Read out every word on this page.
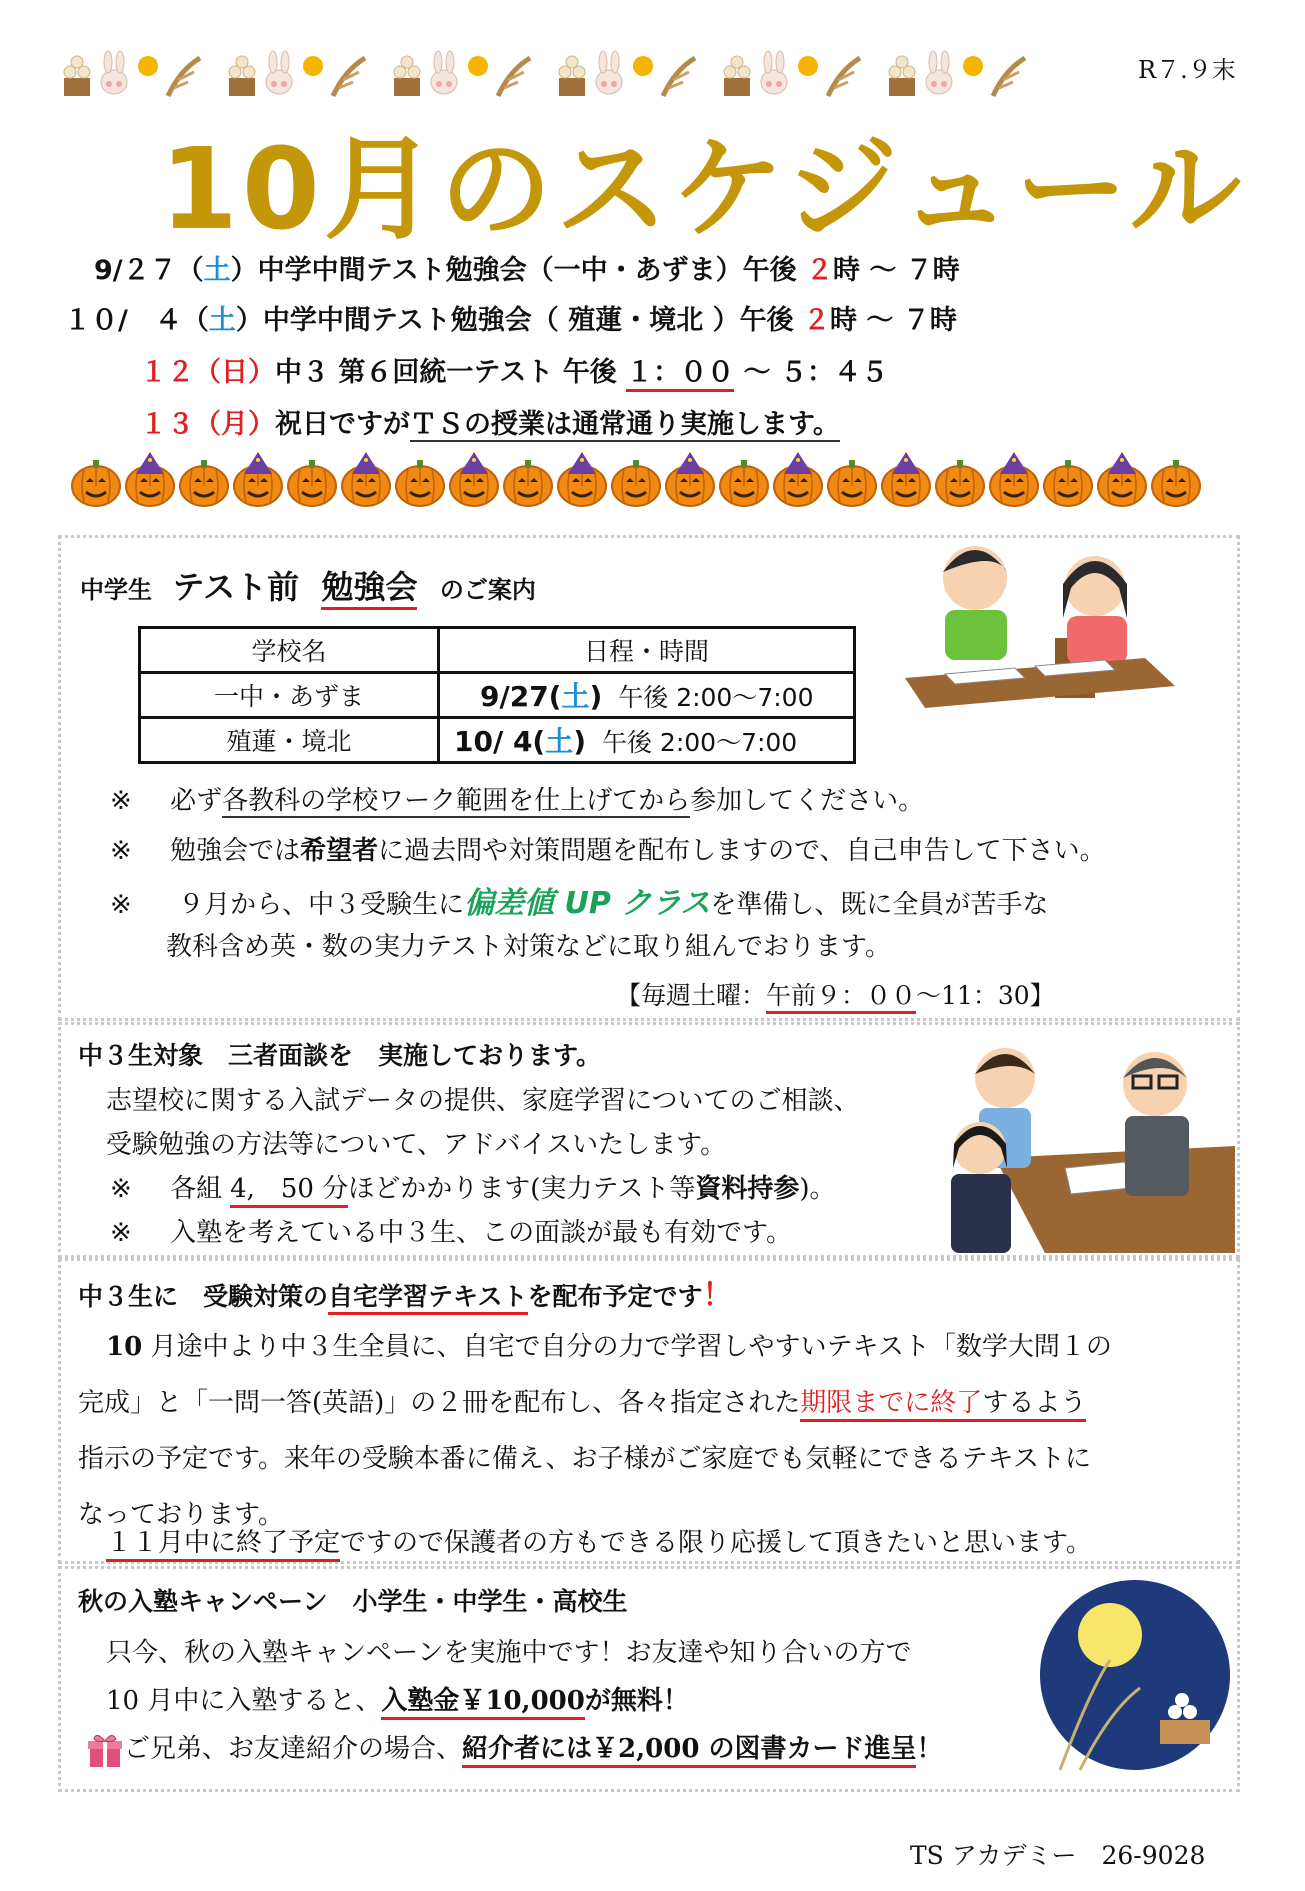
R７.９末
10月のスケジュール
9/２７（土）中学中間テスト勉強会（一中・あずま）午後 ２時 ～ ７時
１０/　４（土）中学中間テスト勉強会（ 殖蓮・境北 ）午後 ２時 ～ ７時
１２（日）中３ 第６回統一テスト 午後 １：００ ～ ５：４５
１３（月）祝日ですがＴＳの授業は通常通り実施します。
中学生 テスト前 勉強会 のご案内
学校名	日程・時間
一中・あずま	9/27(土) 午後 2:00～7:00
殖蓮・境北	10/ 4(土) 午後 2:00～7:00
※ 必ず各教科の学校ワーク範囲を仕上げてから参加してください。
※ 勉強会では希望者に過去問や対策問題を配布しますので、自己申告して下さい。
※ ９月から、中３受験生に偏差値 UP クラスを準備し、既に全員が苦手な
教科含め英・数の実力テスト対策などに取り組んでおります。
【毎週土曜：午前９：００～11：30】
中３生対象　三者面談を　実施しております。
志望校に関する入試データの提供、家庭学習についてのご相談、
受験勉強の方法等について、アドバイスいたします。
※ 各組 4,　50 分ほどかかります(実力テスト等資料持参)。
※ 入塾を考えている中３生、この面談が最も有効です。
中３生に　受験対策の自宅学習テキストを配布予定です！
10 月途中より中３生全員に、自宅で自分の力で学習しやすいテキスト「数学大問１の
完成」と「一問一答(英語)」の２冊を配布し、各々指定された期限までに終了するよう
指示の予定です。来年の受験本番に備え、お子様がご家庭でも気軽にできるテキストに
なっております。
１１月中に終了予定ですので保護者の方もできる限り応援して頂きたいと思います。
秋の入塾キャンペーン　小学生・中学生・高校生
只今、秋の入塾キャンペーンを実施中です！お友達や知り合いの方で
10 月中に入塾すると、入塾金￥10,000が無料！
ご兄弟、お友達紹介の場合、紹介者には￥2,000 の図書カード進呈！
TS アカデミー　26-9028
